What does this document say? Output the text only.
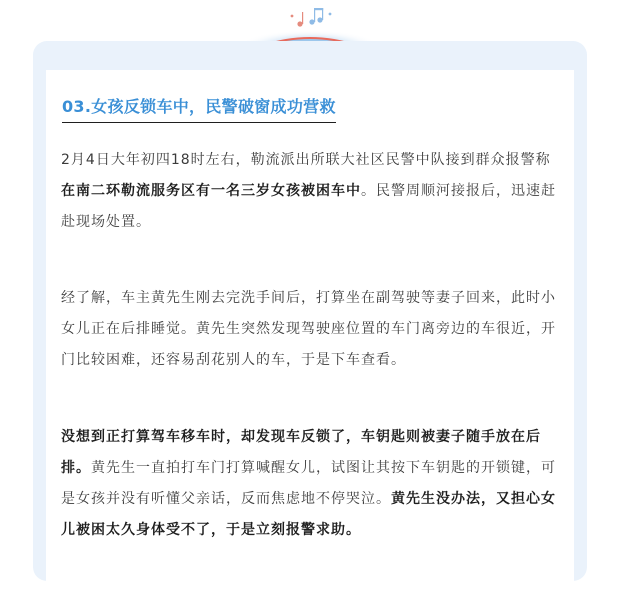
03.女孩反锁车中，民警破窗成功营救

2月4日大年初四18时左右，勒流派出所联大社区民警中队接到群众报警称在南二环勒流服务区有一名三岁女孩被困车中。民警周顺河接报后，迅速赶赴现场处置。

经了解，车主黄先生刚去完洗手间后，打算坐在副驾驶等妻子回来，此时小女儿正在后排睡觉。黄先生突然发现驾驶座位置的车门离旁边的车很近，开门比较困难，还容易刮花别人的车，于是下车查看。

没想到正打算驾车移车时，却发现车反锁了，车钥匙则被妻子随手放在后排。黄先生一直拍打车门打算喊醒女儿，试图让其按下车钥匙的开锁键，可是女孩并没有听懂父亲话，反而焦虑地不停哭泣。黄先生没办法，又担心女儿被困太久身体受不了，于是立刻报警求助。
